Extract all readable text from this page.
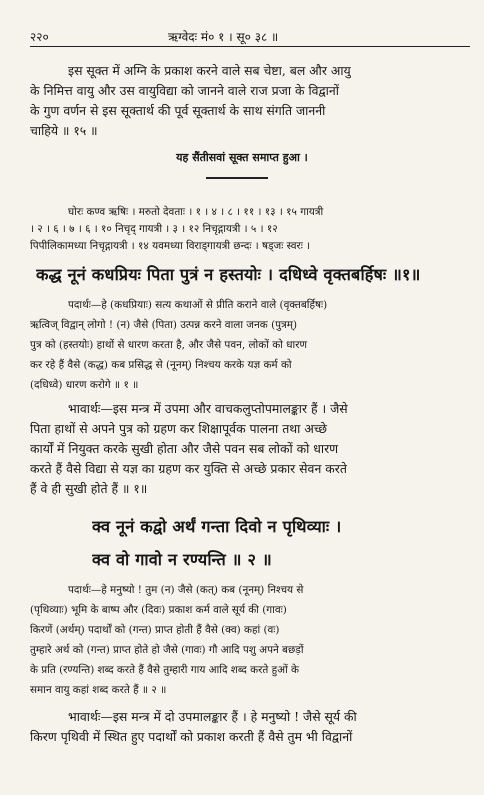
२२०	ऋग्वेदः मं० १ । सू० ३८ ॥
इस सूक्त में अग्नि के प्रकाश करने वाले सब चेष्टा, बल और आयु
के निमित्त वायु और उस वायुविद्या को जानने वाले राज प्रजा के विद्वानों
के गुण वर्णन से इस सूक्तार्थ की पूर्व सूक्तार्थ के साथ संगति जाननी
चाहिये ॥ १५ ॥
यह सैंतीसवां सूक्त समाप्त हुआ ।
घोरः कण्व ऋषिः । मरुतो देवताः । १ । ४ । ८ । ११ । १३ । १५ गायत्री
। २ । ६ । ७ । ६ । १० निचृद् गायत्री । ३ । १२ निचृद्गायत्री । ५ । १२
पिपीलिकामध्या निचृद्गायत्री । १४ यवमध्या विराड्गायत्री छन्दः । षड्जः स्वरः ।
कद्ध नूनं कधप्रियः पिता पुत्रं न हस्तयोः । दधिध्वे वृक्तबर्हिषः ॥१॥
पदार्थः—हे (कधप्रियाः) सत्य कथाओं से प्रीति कराने वाले (वृक्तबर्हिषः)
ऋत्विज् विद्वान् लोगो ! (न) जैसे (पिता) उत्पन्न करने वाला जनक (पुत्रम्)
पुत्र को (हस्तयोः) हाथों से धारण करता है, और जैसे पवन, लोकों को धारण
कर रहे हैं वैसे (कद्ध) कब प्रसिद्ध से (नूनम्) निश्चय करके यज्ञ कर्म को
(दधिध्वे) धारण करोगे ॥ १ ॥
भावार्थः—इस मन्त्र में उपमा और वाचकलुप्तोपमालङ्कार हैं । जैसे
पिता हाथों से अपने पुत्र को ग्रहण कर शिक्षापूर्वक पालना तथा अच्छे
कार्यों में नियुक्त करके सुखी होता और जैसे पवन सब लोकों को धारण
करते हैं वैसे विद्या से यज्ञ का ग्रहण कर युक्ति से अच्छे प्रकार सेवन करते
हैं वे ही सुखी होते हैं ॥ १॥
क्व नूनं कद्वो अर्थं गन्ता दिवो न पृथिव्याः ।
क्व वो गावो न रण्यन्ति ॥ २ ॥
पदार्थः—हे मनुष्यो ! तुम (न) जैसे (कत्) कब (नूनम्) निश्चय से
(पृथिव्याः) भूमि के बाष्प और (दिवः) प्रकाश कर्म वाले सूर्य की (गावः)
किरणें (अर्थम्) पदार्थों को (गन्त) प्राप्त होती हैं वैसे (क्व) कहां (वः)
तुम्हारे अर्थ को (गन्त) प्राप्त होते हो जैसे (गावः) गौ आदि पशु अपने बछड़ों
के प्रति (रण्यन्ति) शब्द करते हैं वैसे तुम्हारी गाय आदि शब्द करते हुओं के
समान वायु कहां शब्द करते हैं ॥ २ ॥
भावार्थः—इस मन्त्र में दो उपमालङ्कार हैं । हे मनुष्यो ! जैसे सूर्य की
किरण पृथिवी में स्थित हुए पदार्थों को प्रकाश करती हैं वैसे तुम भी विद्वानों
